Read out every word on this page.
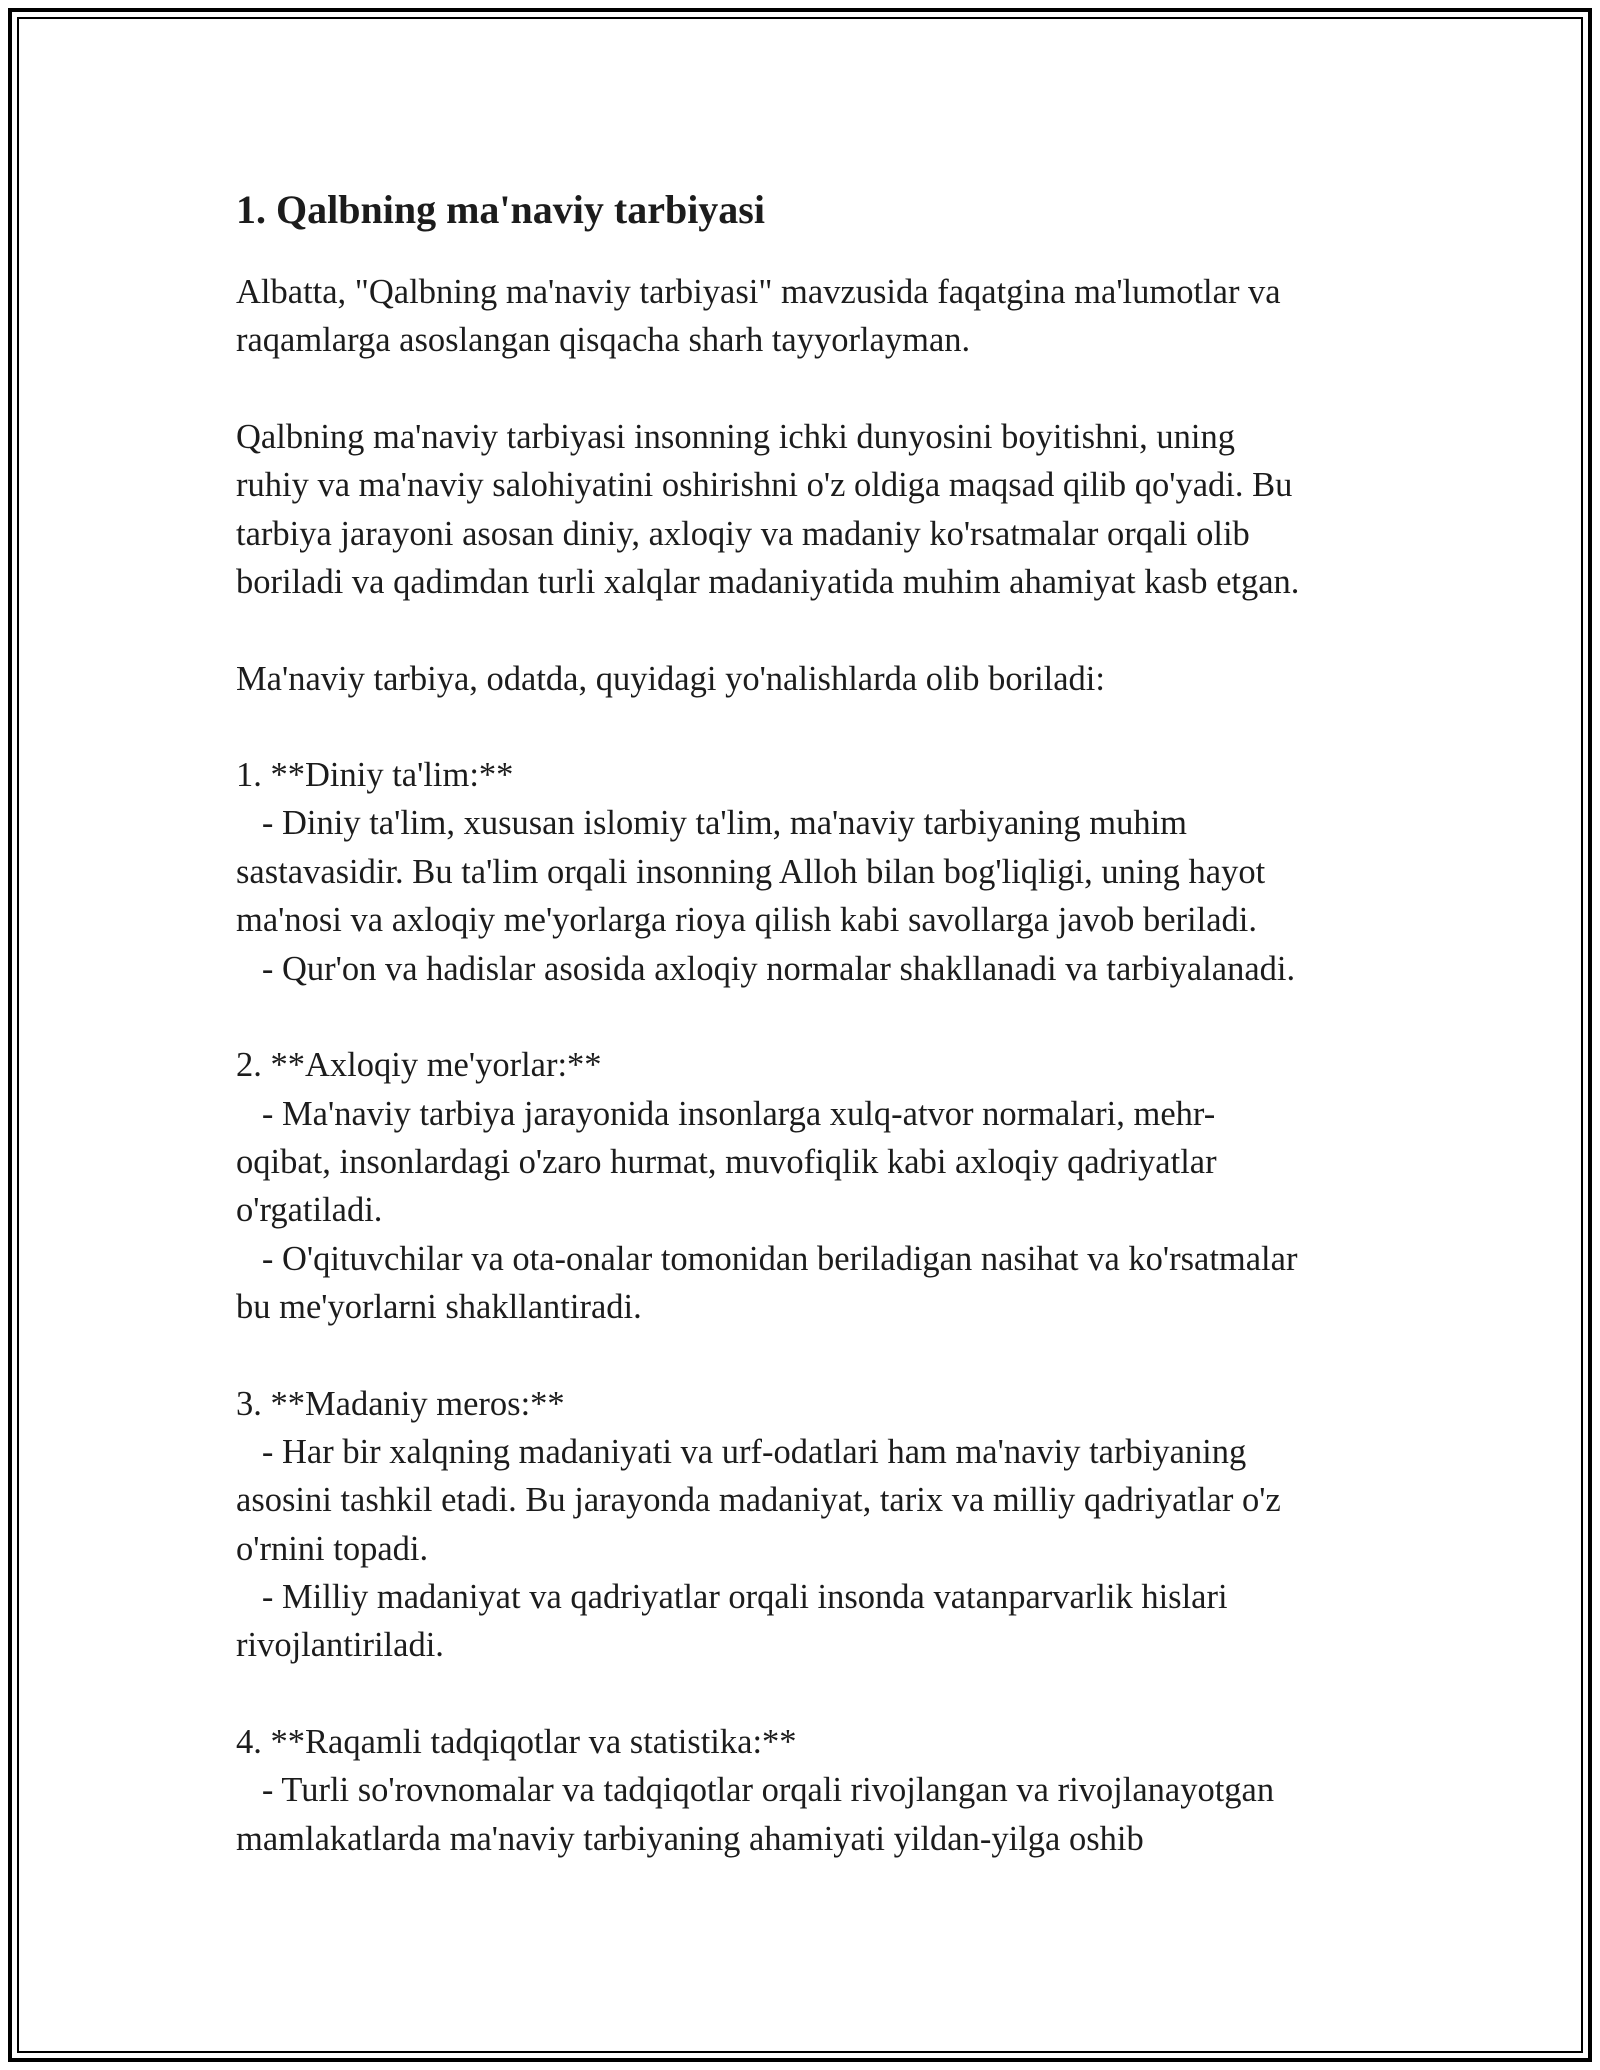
1. Qalbning ma'naviy tarbiyasi

Albatta, "Qalbning ma'naviy tarbiyasi" mavzusida faqatgina ma'lumotlar va

raqamlarga asoslangan qisqacha sharh tayyorlayman.

Qalbning ma'naviy tarbiyasi insonning ichki dunyosini boyitishni, uning

ruhiy va ma'naviy salohiyatini oshirishni o'z oldiga maqsad qilib qo'yadi. Bu

tarbiya jarayoni asosan diniy, axloqiy va madaniy ko'rsatmalar orqali olib

boriladi va qadimdan turli xalqlar madaniyatida muhim ahamiyat kasb etgan.

Ma'naviy tarbiya, odatda, quyidagi yo'nalishlarda olib boriladi:

1. **Diniy ta'lim:**

- Diniy ta'lim, xususan islomiy ta'lim, ma'naviy tarbiyaning muhim

sastavasidir. Bu ta'lim orqali insonning Alloh bilan bog'liqligi, uning hayot

ma'nosi va axloqiy me'yorlarga rioya qilish kabi savollarga javob beriladi.

- Qur'on va hadislar asosida axloqiy normalar shakllanadi va tarbiyalanadi.

2. **Axloqiy me'yorlar:**

- Ma'naviy tarbiya jarayonida insonlarga xulq-atvor normalari, mehr-

oqibat, insonlardagi o'zaro hurmat, muvofiqlik kabi axloqiy qadriyatlar

o'rgatiladi.

- O'qituvchilar va ota-onalar tomonidan beriladigan nasihat va ko'rsatmalar

bu me'yorlarni shakllantiradi.

3. **Madaniy meros:**

- Har bir xalqning madaniyati va urf-odatlari ham ma'naviy tarbiyaning

asosini tashkil etadi. Bu jarayonda madaniyat, tarix va milliy qadriyatlar o'z

o'rnini topadi.

- Milliy madaniyat va qadriyatlar orqali insonda vatanparvarlik hislari

rivojlantiriladi.

4. **Raqamli tadqiqotlar va statistika:**

- Turli so'rovnomalar va tadqiqotlar orqali rivojlangan va rivojlanayotgan

mamlakatlarda ma'naviy tarbiyaning ahamiyati yildan-yilga oshib
